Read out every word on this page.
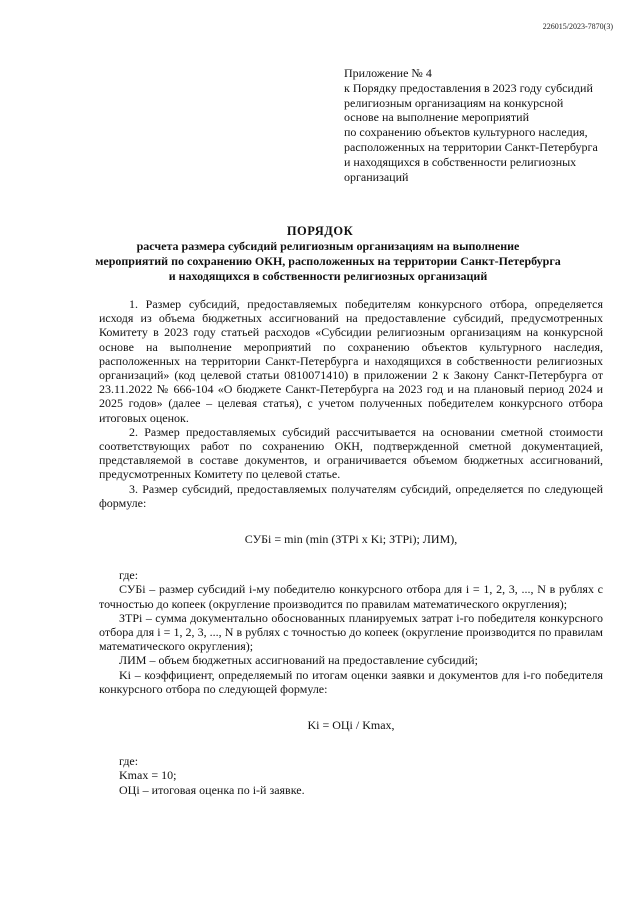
226015/2023-7870(3)
Приложение № 4
к Порядку предоставления в 2023 году субсидий
религиозным организациям на конкурсной
основе на выполнение мероприятий
по сохранению объектов культурного наследия,
расположенных на территории Санкт-Петербурга
и находящихся в собственности религиозных
организаций
ПОРЯДОК
расчета размера субсидий религиозным организациям на выполнение
мероприятий по сохранению ОКН, расположенных на территории Санкт-Петербурга
и находящихся в собственности религиозных организаций

1. Размер субсидий, предоставляемых победителям конкурсного отбора, определяется исходя из объема бюджетных ассигнований на предоставление субсидий, предусмотренных Комитету в 2023 году статьей расходов «Субсидии религиозным организациям на конкурсной основе на выполнение мероприятий по сохранению объектов культурного наследия, расположенных на территории Санкт-Петербурга и находящихся в собственности религиозных организаций» (код целевой статьи 0810071410) в приложении 2 к Закону Санкт-Петербурга от 23.11.2022 № 666-104 «О бюджете Санкт-Петербурга на 2023 год и на плановый период 2024 и 2025 годов» (далее – целевая статья), с учетом полученных победителем конкурсного отбора итоговых оценок.

2. Размер предоставляемых субсидий рассчитывается на основании сметной стоимости соответствующих работ по сохранению ОКН, подтвержденной сметной документацией, представляемой в составе документов, и ограничивается объемом бюджетных ассигнований, предусмотренных Комитету по целевой статье.

3. Размер субсидий, предоставляемых получателям субсидий, определяется по следующей формуле:

СУБi = min (min (ЗТРi x Ki; ЗТРi); ЛИМ),

где:

СУБi – размер субсидий i-му победителю конкурсного отбора для i = 1, 2, 3, ..., N в рублях с точностью до копеек (округление производится по правилам математического округления);

ЗТРi – сумма документально обоснованных планируемых затрат i-го победителя конкурсного отбора для i = 1, 2, 3, ..., N в рублях с точностью до копеек (округление производится по правилам математического округления);

ЛИМ – объем бюджетных ассигнований на предоставление субсидий;

Ki – коэффициент, определяемый по итогам оценки заявки и документов для i-го победителя конкурсного отбора по следующей формуле:

Ki = ОЦi / Kmax,

где:

Kmax = 10;

ОЦi – итоговая оценка по i-й заявке.
